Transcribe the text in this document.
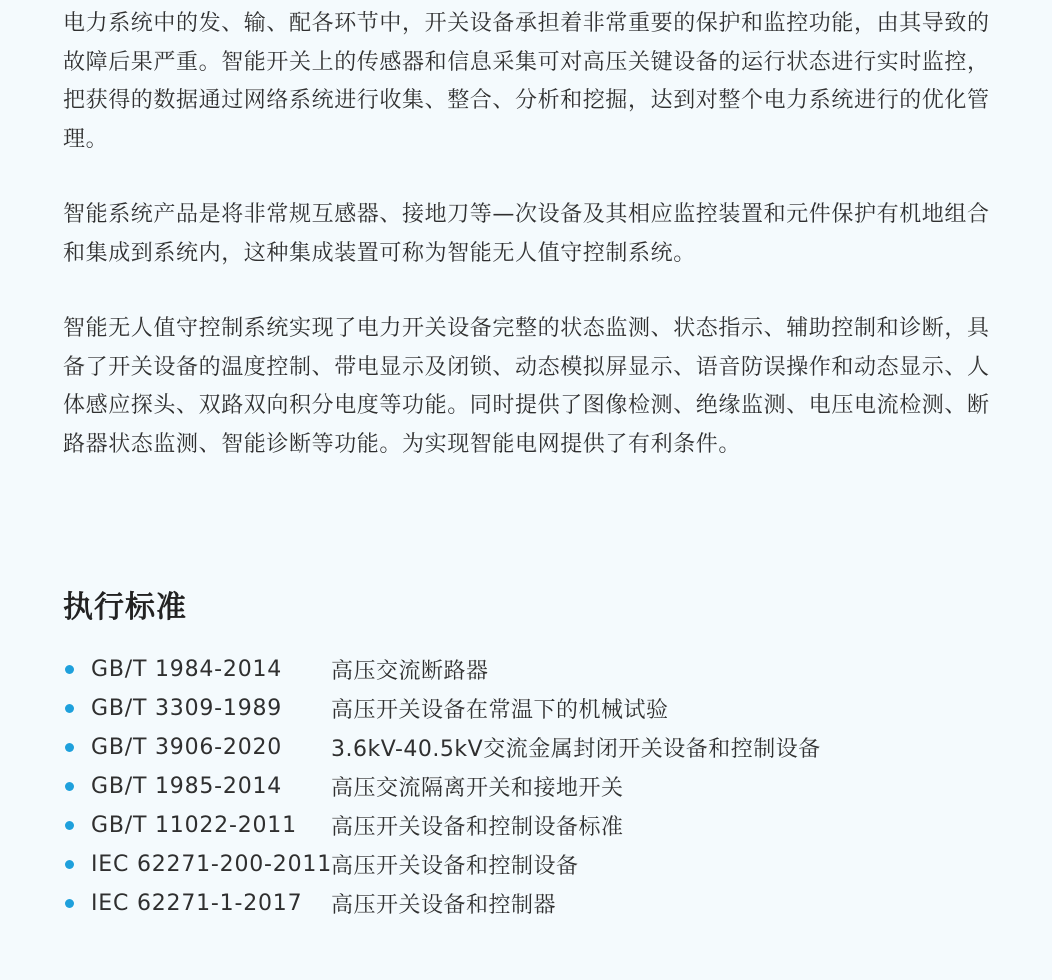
电力系统中的发、输、配各环节中，开关设备承担着非常重要的保护和监控功能，由其导致的故障后果严重。智能开关上的传感器和信息采集可对高压关键设备的运行状态进行实时监控，把获得的数据通过网络系统进行收集、整合、分析和挖掘，达到对整个电力系统进行的优化管理。

智能系统产品是将非常规互感器、接地刀等—次设备及其相应监控装置和元件保护有机地组合和集成到系统内，这种集成装置可称为智能无人值守控制系统。

智能无人值守控制系统实现了电力开关设备完整的状态监测、状态指示、辅助控制和诊断，具备了开关设备的温度控制、带电显示及闭锁、动态模拟屏显示、语音防误操作和动态显示、人体感应探头、双路双向积分电度等功能。同时提供了图像检测、绝缘监测、电压电流检测、断路器状态监测、智能诊断等功能。为实现智能电网提供了有利条件。

执行标准
GB/T 1984-2014	高压交流断路器
GB/T 3309-1989	高压开关设备在常温下的机械试验
GB/T 3906-2020	3.6kV-40.5kV交流金属封闭开关设备和控制设备
GB/T 1985-2014	高压交流隔离开关和接地开关
GB/T 11022-2011	高压开关设备和控制设备标准
IEC 62271-200-2011 高压开关设备和控制设备
IEC 62271-1-2017	高压开关设备和控制器
